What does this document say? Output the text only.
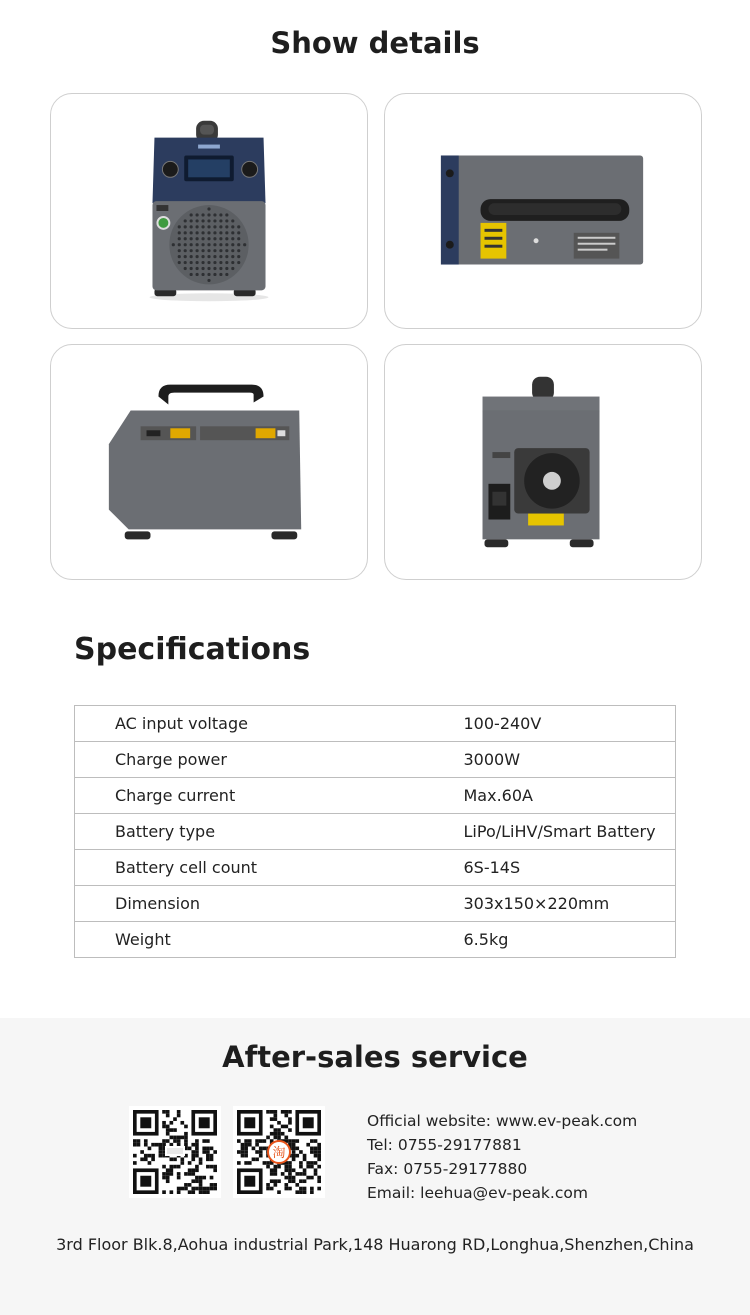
Show details
Specifications
AC input voltage	100-240V
Charge power	3000W
Charge current	Max.60A
Battery type	LiPo/LiHV/Smart Battery
Battery cell count	6S-14S
Dimension	303x150×220mm
Weight	6.5kg
After-sales service
淘
Official website: www.ev-peak.com
Tel: 0755-29177881
Fax: 0755-29177880
Email: leehua@ev-peak.com
3rd Floor Blk.8,Aohua industrial Park,148 Huarong RD,Longhua,Shenzhen,China
